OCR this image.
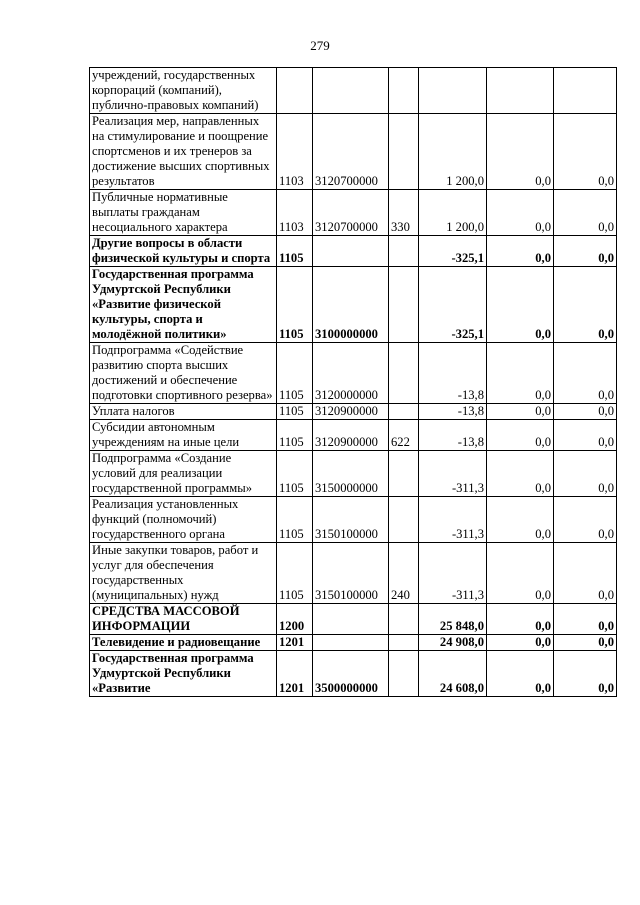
279
учреждений, государственных корпораций (компаний), публично-правовых компаний)						
Реализация мер, направленных на стимулирование и поощрение спортсменов и их тренеров за достижение высших спортивных результатов	1103	3120700000		1 200,0	0,0	0,0
Публичные нормативные выплаты гражданам несоциального характера	1103	3120700000	330	1 200,0	0,0	0,0
Другие вопросы в области физической культуры и спорта	1105			-325,1	0,0	0,0
Государственная программа Удмуртской Республики «Развитие физической культуры, спорта и молодёжной политики»	1105	3100000000		-325,1	0,0	0,0
Подпрограмма «Содействие развитию спорта высших достижений и обеспечение подготовки спортивного резерва»	1105	3120000000		-13,8	0,0	0,0
Уплата налогов	1105	3120900000		-13,8	0,0	0,0
Субсидии автономным учреждениям на иные цели	1105	3120900000	622	-13,8	0,0	0,0
Подпрограмма «Создание условий для реализации государственной программы»	1105	3150000000		-311,3	0,0	0,0
Реализация установленных функций (полномочий) государственного органа	1105	3150100000		-311,3	0,0	0,0
Иные закупки товаров, работ и услуг для обеспечения государственных (муниципальных) нужд	1105	3150100000	240	-311,3	0,0	0,0
СРЕДСТВА МАССОВОЙ ИНФОРМАЦИИ	1200			25 848,0	0,0	0,0
Телевидение и радиовещание	1201			24 908,0	0,0	0,0
Государственная программа Удмуртской Республики «Развитие	1201	3500000000		24 608,0	0,0	0,0
